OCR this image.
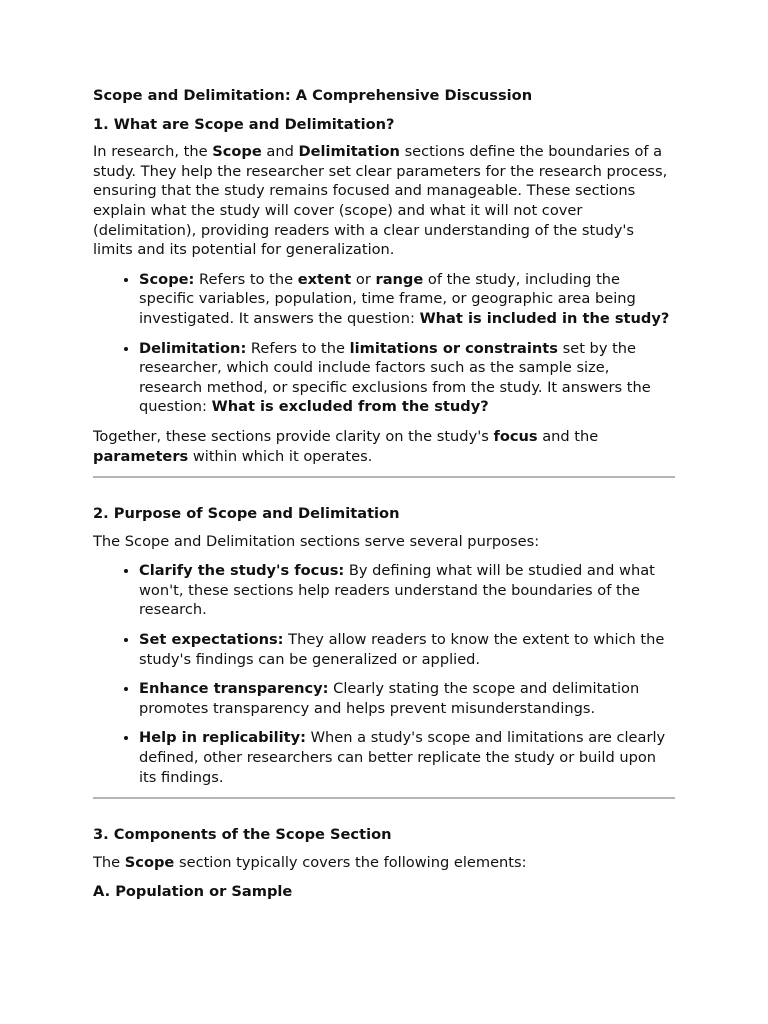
Scope and Delimitation: A Comprehensive Discussion
1. What are Scope and Delimitation?

In research, the Scope and Delimitation sections define the boundaries of a study. They help the researcher set clear parameters for the research process, ensuring that the study remains focused and manageable. These sections explain what the study will cover (scope) and what it will not cover (delimitation), providing readers with a clear understanding of the study's limits and its potential for generalization.

• Scope: Refers to the extent or range of the study, including the specific variables, population, time frame, or geographic area being investigated. It answers the question: What is included in the study?
• Delimitation: Refers to the limitations or constraints set by the researcher, which could include factors such as the sample size, research method, or specific exclusions from the study. It answers the question: What is excluded from the study?

Together, these sections provide clarity on the study's focus and the parameters within which it operates.

2. Purpose of Scope and Delimitation

The Scope and Delimitation sections serve several purposes:

• Clarify the study's focus: By defining what will be studied and what won't, these sections help readers understand the boundaries of the research.
• Set expectations: They allow readers to know the extent to which the study's findings can be generalized or applied.
• Enhance transparency: Clearly stating the scope and delimitation promotes transparency and helps prevent misunderstandings.
• Help in replicability: When a study's scope and limitations are clearly defined, other researchers can better replicate the study or build upon its findings.
3. Components of the Scope Section

The Scope section typically covers the following elements:

A. Population or Sample
